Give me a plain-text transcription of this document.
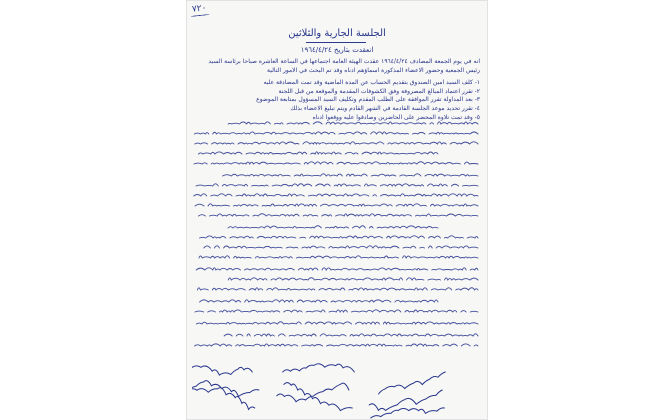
٧٢٠
الجلسة الجارية والثلاثين
انعقدت بتاريخ ١٩٦٤/٤/٢٤
انه في يوم الجمعة المصادف ١٩٦٤/٤/٢٤ عقدت الهيئة العامة اجتماعها في الساعة العاشرة صباحاً برئاسة السيد
رئيس الجمعية وحضور الاعضاء المذكورة اسماؤهم ادناه وقد تم البحث في الامور التالية
١- كلف السيد امين الصندوق بتقديم الحساب عن المدة الماضية وقد تمت المصادقة عليه
٢- تقرر اعتماد المبالغ المصروفة وفق الكشوفات المقدمة والموقعة من قبل اللجنة
٣- بعد المداولة تقرر الموافقة على الطلب المقدم وتكليف السيد المسؤول بمتابعة الموضوع
٤- تقرر تحديد موعد الجلسة القادمة في الشهر القادم ويتم تبليغ الاعضاء بذلك
٥- وقد تمت تلاوة المحضر على الحاضرين وصادقوا عليه ووقعوا ادناه
